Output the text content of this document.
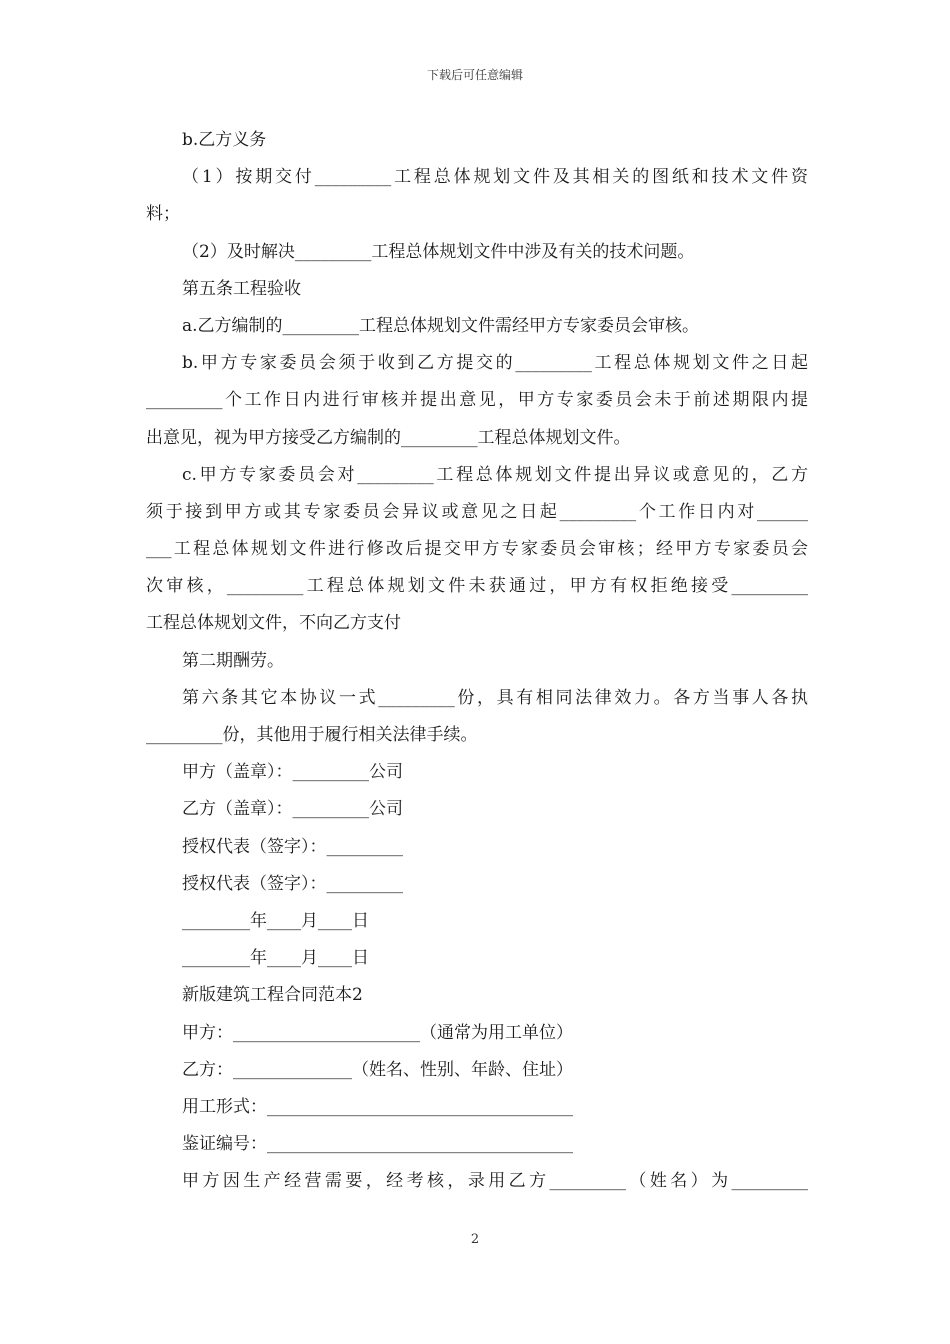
下载后可任意编辑
b.乙方义务
（1）按期交付_________工程总体规划文件及其相关的图纸和技术文件资
料；
（2）及时解决_________工程总体规划文件中涉及有关的技术问题。
第五条工程验收
a.乙方编制的_________工程总体规划文件需经甲方专家委员会审核。
b.甲方专家委员会须于收到乙方提交的_________工程总体规划文件之日起
_________个工作日内进行审核并提出意见，甲方专家委员会未于前述期限内提
出意见，视为甲方接受乙方编制的_________工程总体规划文件。
c.甲方专家委员会对_________工程总体规划文件提出异议或意见的，乙方
须于接到甲方或其专家委员会异议或意见之日起_________个工作日内对______
___工程总体规划文件进行修改后提交甲方专家委员会审核；经甲方专家委员会
次审核，_________工程总体规划文件未获通过，甲方有权拒绝接受_________
工程总体规划文件，不向乙方支付
第二期酬劳。
第六条其它本协议一式_________份，具有相同法律效力。各方当事人各执
_________份，其他用于履行相关法律手续。
甲方（盖章）：_________公司
乙方（盖章）：_________公司
授权代表（签字）：_________
授权代表（签字）：_________
________年____月____日
________年____月____日
新版建筑工程合同范本2
甲方：______________________（通常为用工单位）
乙方：______________（姓名、性别、年龄、住址）
用工形式：____________________________________
鉴证编号：____________________________________
甲方因生产经营需要，经考核，录用乙方_________（姓名）为_________
2
